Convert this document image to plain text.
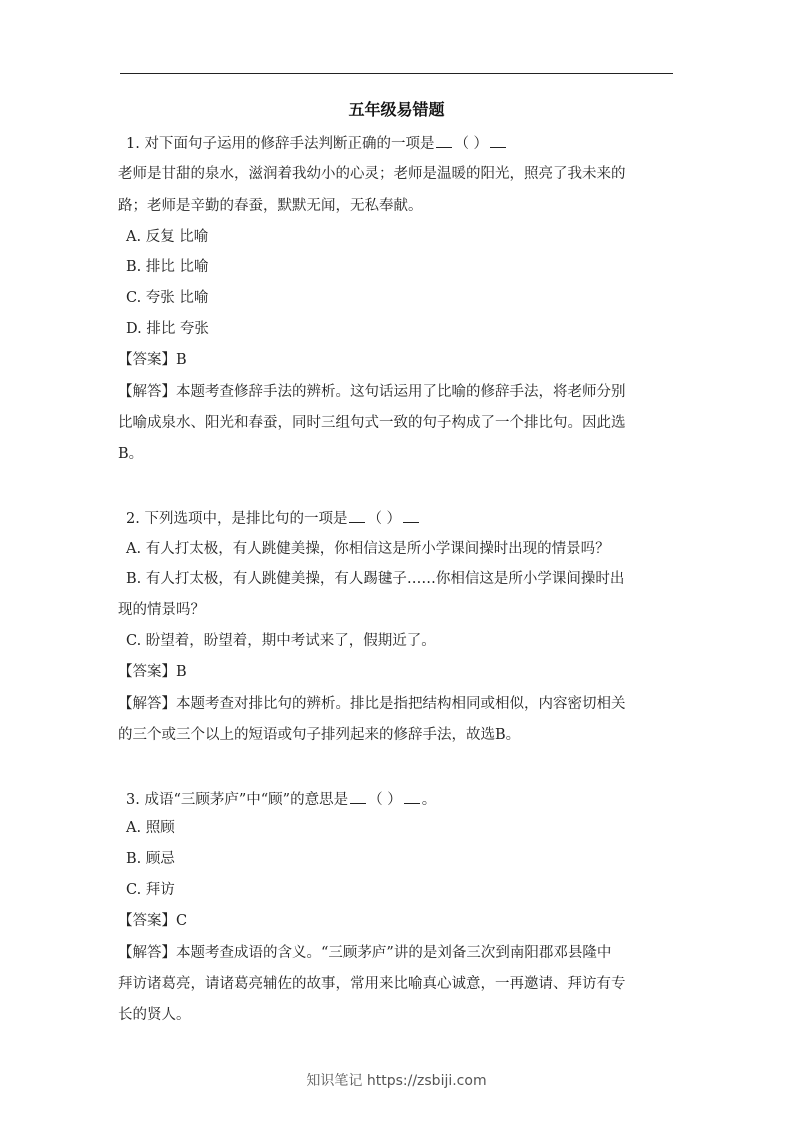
五年级易错题
1. 对下面句子运用的修辞手法判断正确的一项是 （ ）
老师是甘甜的泉水，滋润着我幼小的心灵；老师是温暖的阳光，照亮了我未来的
路；老师是辛勤的春蚕，默默无闻，无私奉献。
A. 反复 比喻
B. 排比 比喻
C. 夸张 比喻
D. 排比 夸张
【答案】B
【解答】本题考查修辞手法的辨析。这句话运用了比喻的修辞手法，将老师分别
比喻成泉水、阳光和春蚕，同时三组句式一致的句子构成了一个排比句。因此选
B。
2. 下列选项中，是排比句的一项是 （ ）
A. 有人打太极，有人跳健美操，你相信这是所小学课间操时出现的情景吗？
B. 有人打太极，有人跳健美操，有人踢毽子……你相信这是所小学课间操时出
现的情景吗？
C. 盼望着，盼望着，期中考试来了，假期近了。
【答案】B
【解答】本题考查对排比句的辨析。排比是指把结构相同或相似，内容密切相关
的三个或三个以上的短语或句子排列起来的修辞手法，故选B。
3. 成语“三顾茅庐”中“顾”的意思是 （ ） 。
A. 照顾
B. 顾忌
C. 拜访
【答案】C
【解答】本题考查成语的含义。“三顾茅庐”讲的是刘备三次到南阳郡邓县隆中
拜访诸葛亮，请诸葛亮辅佐的故事，常用来比喻真心诚意，一再邀请、拜访有专
长的贤人。
知识笔记 https://zsbiji.com
